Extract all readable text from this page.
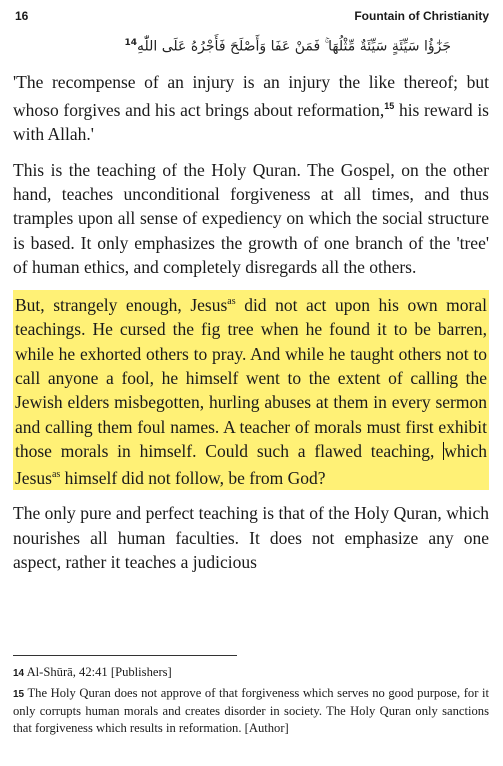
16	Fountain of Christianity
جَزٰٓؤُا سَيِّئَةٍ سَيِّئَةٌ مِّثْلُهَا ۚ فَمَنْ عَفَا وَأَصْلَحَ فَأَجْرُهُ عَلَى اللّٰهِ$^{14}$

'The recompense of an injury is an injury the like thereof; but whoso forgives and his act brings about reformation,$^{15}$ his reward is with Allah.'

This is the teaching of the Holy Quran. The Gospel, on the other hand, teaches unconditional forgiveness at all times, and thus tramples upon all sense of expediency on which the social structure is based. It only emphasizes the growth of one branch of the 'tree' of human ethics, and completely disregards all the others.

But, strangely enough, Jesus$^{as}$ did not act upon his own moral teachings. He cursed the fig tree when he found it to be barren, while he exhorted others to pray. And while he taught others not to call anyone a fool, he himself went to the extent of calling the Jewish elders misbegotten, hurling abuses at them in every sermon and calling them foul names. A teacher of morals must first exhibit those morals in himself. Could such a flawed teaching, which Jesus$^{as}$ himself did not follow, be from God?

The only pure and perfect teaching is that of the Holy Quran, which nourishes all human faculties. It does not emphasize any one aspect, rather it teaches a judicious

14 Al-Shūrā, 42:41 [Publishers]

15 The Holy Quran does not approve of that forgiveness which serves no good purpose, for it only corrupts human morals and creates disorder in society. The Holy Quran only sanctions that forgiveness which results in reformation. [Author]
